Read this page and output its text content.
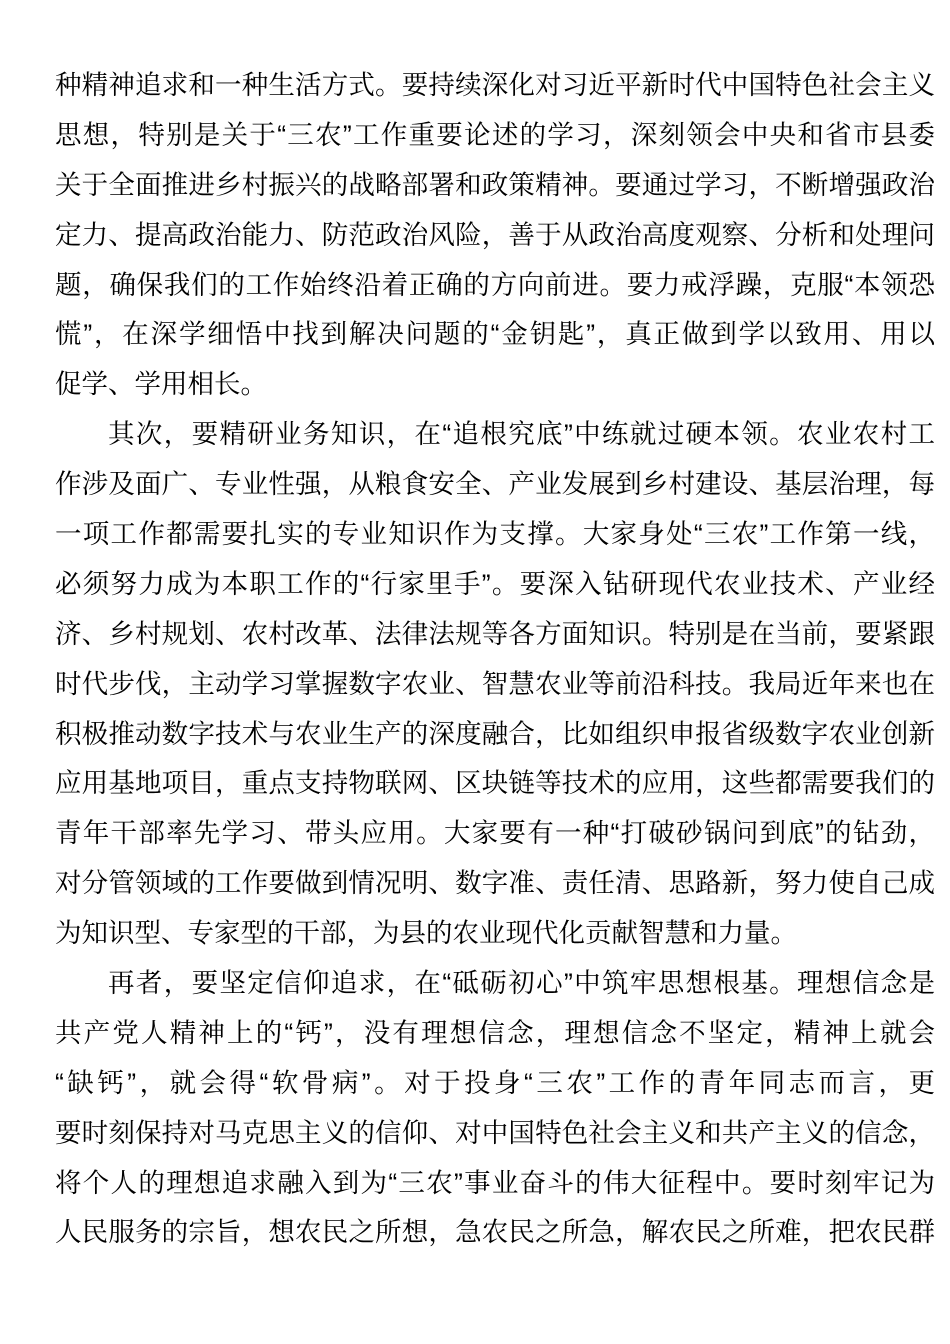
种精神追求和一种生活方式。要持续深化对习近平新时代中国特色社会主义
思想，特别是关于“三农”工作重要论述的学习，深刻领会中央和省市县委
关于全面推进乡村振兴的战略部署和政策精神。要通过学习，不断增强政治
定力、提高政治能力、防范政治风险，善于从政治高度观察、分析和处理问
题，确保我们的工作始终沿着正确的方向前进。要力戒浮躁，克服“本领恐
慌”，在深学细悟中找到解决问题的“金钥匙”，真正做到学以致用、用以
促学、学用相长。
其次，要精研业务知识，在“追根究底”中练就过硬本领。农业农村工
作涉及面广、专业性强，从粮食安全、产业发展到乡村建设、基层治理，每
一项工作都需要扎实的专业知识作为支撑。大家身处“三农”工作第一线，
必须努力成为本职工作的“行家里手”。要深入钻研现代农业技术、产业经
济、乡村规划、农村改革、法律法规等各方面知识。特别是在当前，要紧跟
时代步伐，主动学习掌握数字农业、智慧农业等前沿科技。我局近年来也在
积极推动数字技术与农业生产的深度融合，比如组织申报省级数字农业创新
应用基地项目，重点支持物联网、区块链等技术的应用，这些都需要我们的
青年干部率先学习、带头应用。大家要有一种“打破砂锅问到底”的钻劲，
对分管领域的工作要做到情况明、数字准、责任清、思路新，努力使自己成
为知识型、专家型的干部，为县的农业现代化贡献智慧和力量。
再者，要坚定信仰追求，在“砥砺初心”中筑牢思想根基。理想信念是
共产党人精神上的“钙”，没有理想信念，理想信念不坚定，精神上就会
“缺钙”，就会得“软骨病”。对于投身“三农”工作的青年同志而言，更
要时刻保持对马克思主义的信仰、对中国特色社会主义和共产主义的信念，
将个人的理想追求融入到为“三农”事业奋斗的伟大征程中。要时刻牢记为
人民服务的宗旨，想农民之所想，急农民之所急，解农民之所难，把农民群
